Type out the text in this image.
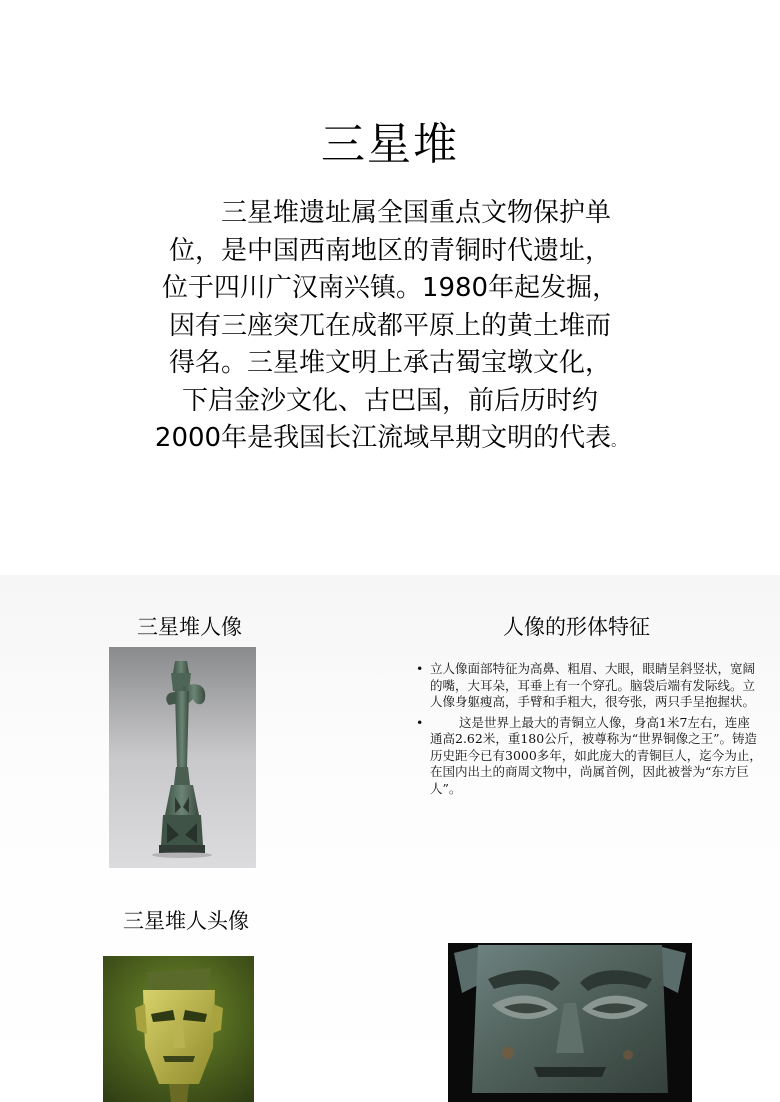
三星堆
三星堆遗址属全国重点文物保护单
位，是中国西南地区的青铜时代遗址，
位于四川广汉南兴镇。1980年起发掘，
因有三座突兀在成都平原上的黄土堆而
得名。三星堆文明上承古蜀宝墩文化，
下启金沙文化、古巴国，前后历时约
2000年是我国长江流域早期文明的代表。
三星堆人像	人像的形体特征
• 立人像面部特征为高鼻、粗眉、大眼，眼睛呈斜竖状，宽阔的嘴，大耳朵，耳垂上有一个穿孔。脑袋后端有发际线。立人像身躯瘦高，手臂和手粗大，很夸张，两只手呈抱握状。
• 这是世界上最大的青铜立人像，身高1米7左右，连座通高2.62米，重180公斤，被尊称为“世界铜像之王”。铸造历史距今已有3000多年，如此庞大的青铜巨人，迄今为止，在国内出土的商周文物中，尚属首例，因此被誉为“东方巨人”。
三星堆人头像
